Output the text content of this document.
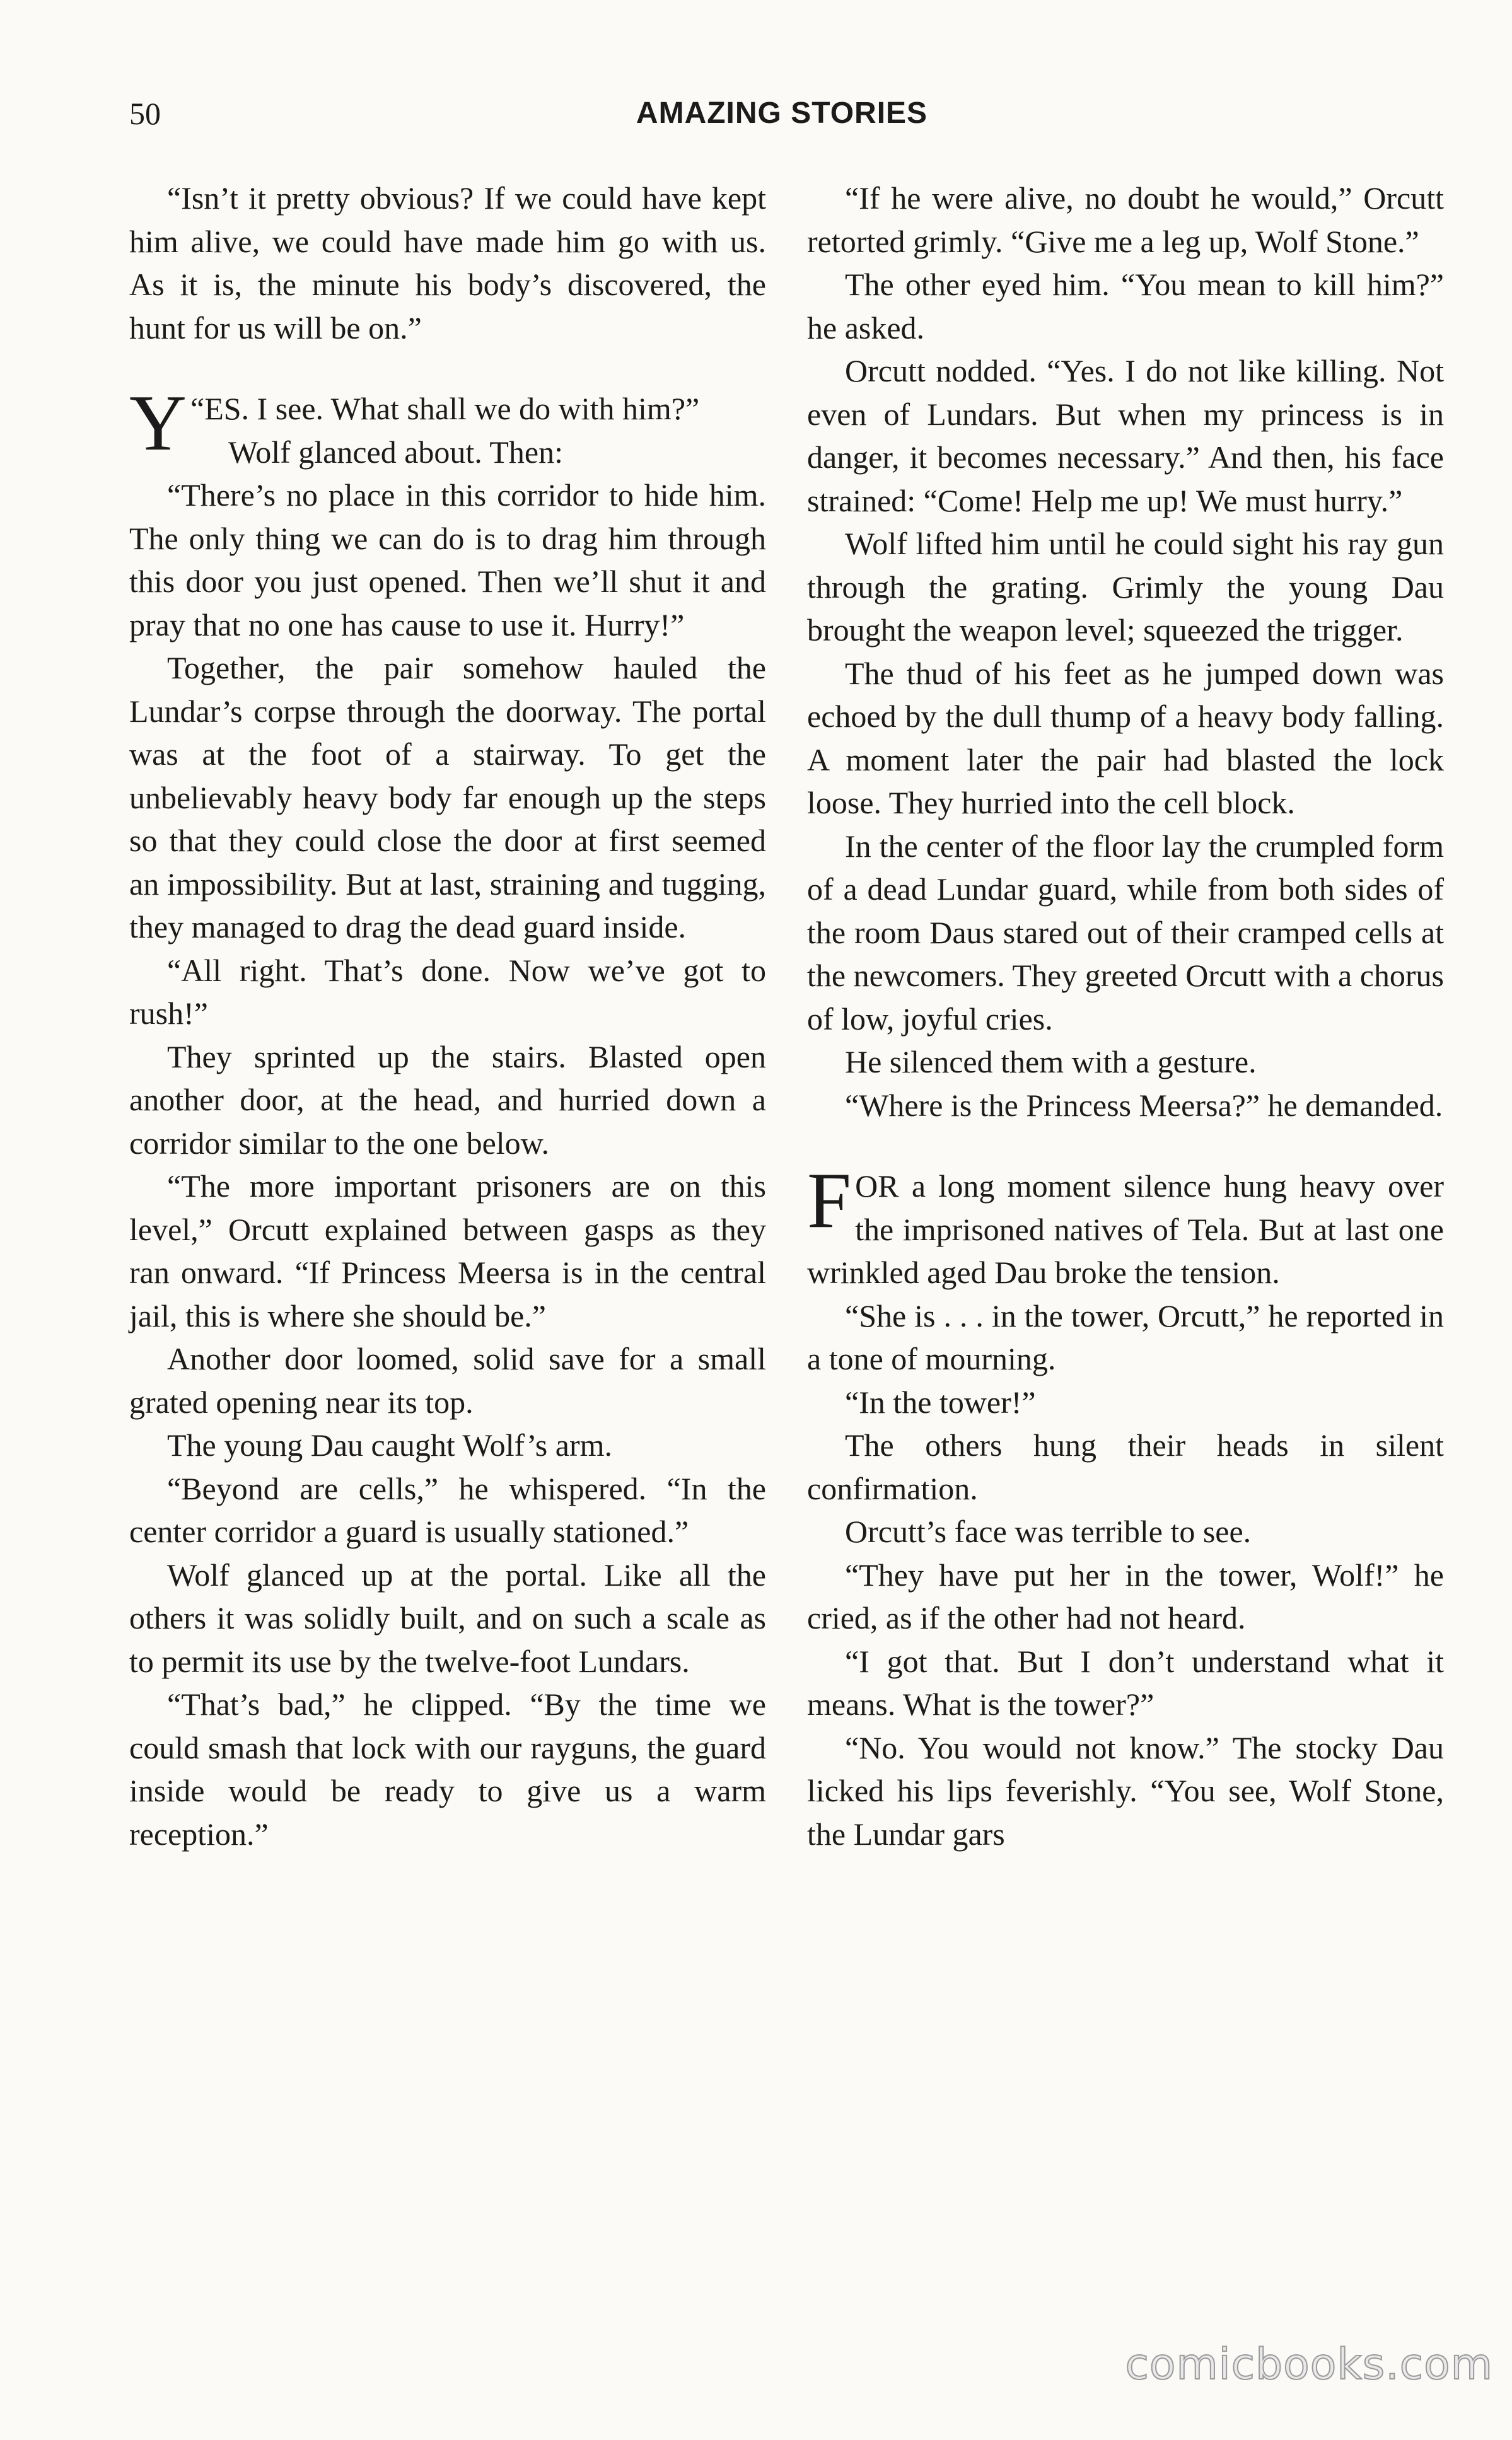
50	AMAZING STORIES

“Isn’t it pretty obvious? If we could have kept him alive, we could have made him go with us. As it is, the minute his body’s discovered, the hunt for us will be on.”

“
Y ES. I see. What shall we do with him?”

Wolf glanced about. Then:

“There’s no place in this corridor to hide him. The only thing we can do is to drag him through this door you just opened. Then we’ll shut it and pray that no one has cause to use it. Hurry!”

Together, the pair somehow hauled the Lundar’s corpse through the doorway. The portal was at the foot of a stairway. To get the unbelievably heavy body far enough up the steps so that they could close the door at first seemed an impossibility. But at last, straining and tugging, they managed to drag the dead guard inside.

“All right. That’s done. Now we’ve got to rush!”

They sprinted up the stairs. Blasted open another door, at the head, and hurried down a corridor similar to the one below.

“The more important prisoners are on this level,” Orcutt explained between gasps as they ran onward. “If Princess Meersa is in the central jail, this is where she should be.”

Another door loomed, solid save for a small grated opening near its top.

The young Dau caught Wolf’s arm.

“Beyond are cells,” he whispered. “In the center corridor a guard is usually stationed.”

Wolf glanced up at the portal. Like all the others it was solidly built, and on such a scale as to permit its use by the twelve-foot Lundars.

“That’s bad,” he clipped. “By the time we could smash that lock with our rayguns, the guard inside would be ready to give us a warm reception.”

“If he were alive, no doubt he would,” Orcutt retorted grimly. “Give me a leg up, Wolf Stone.”

The other eyed him. “You mean to kill him?” he asked.

Orcutt nodded. “Yes. I do not like killing. Not even of Lundars. But when my princess is in danger, it becomes necessary.” And then, his face strained: “Come! Help me up! We must hurry.”

Wolf lifted him until he could sight his ray gun through the grating. Grimly the young Dau brought the weapon level; squeezed the trigger.

The thud of his feet as he jumped down was echoed by the dull thump of a heavy body falling. A moment later the pair had blasted the lock loose. They hurried into the cell block.

In the center of the floor lay the crumpled form of a dead Lundar guard, while from both sides of the room Daus stared out of their cramped cells at the newcomers. They greeted Orcutt with a chorus of low, joyful cries.

He silenced them with a gesture.

“Where is the Princess Meersa?” he demanded.

FOR a long moment silence hung heavy over the imprisoned natives of Tela. But at last one wrinkled aged Dau broke the tension.

“She is . . . in the tower, Orcutt,” he reported in a tone of mourning.

“In the tower!”

The others hung their heads in silent confirmation.

Orcutt’s face was terrible to see.

“They have put her in the tower, Wolf!” he cried, as if the other had not heard.

“I got that. But I don’t understand what it means. What is the tower?”

“No. You would not know.” The stocky Dau licked his lips feverishly. “You see, Wolf Stone, the Lundar gars

comicbooks.com
